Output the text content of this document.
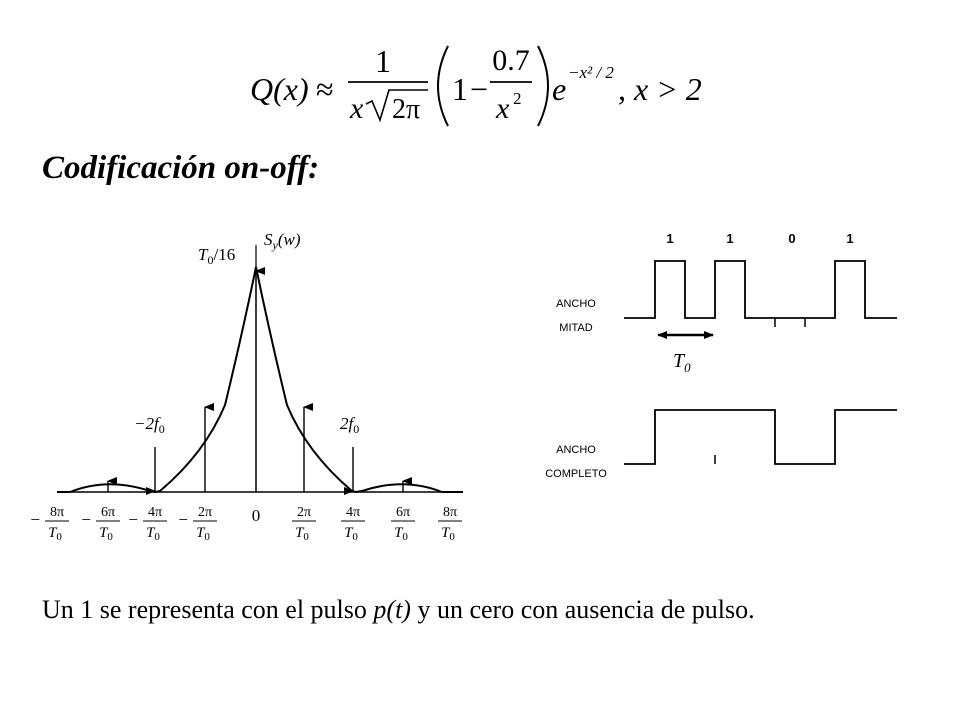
Q(x) ≈
1
x 2π
1 −
0.7
x 2 e −x² / 2 , x > 2
Codificación on-off:
$S_y(w)$
$T_0/16$
$-2f_0$	$2f_0$
0
− 8π
$T_0$
− 6π
$T_0$
− 4π
$T_0$
− 2π
$T_0$
2π
$T_0$
4π
$T_0$
6π
$T_0$
8π
$T_0$
1	1	0	1
ANCHO MITAD
$T_0$
ANCHO COMPLETO

Un 1 se representa con el pulso p(t) y un cero con ausencia de pulso.
